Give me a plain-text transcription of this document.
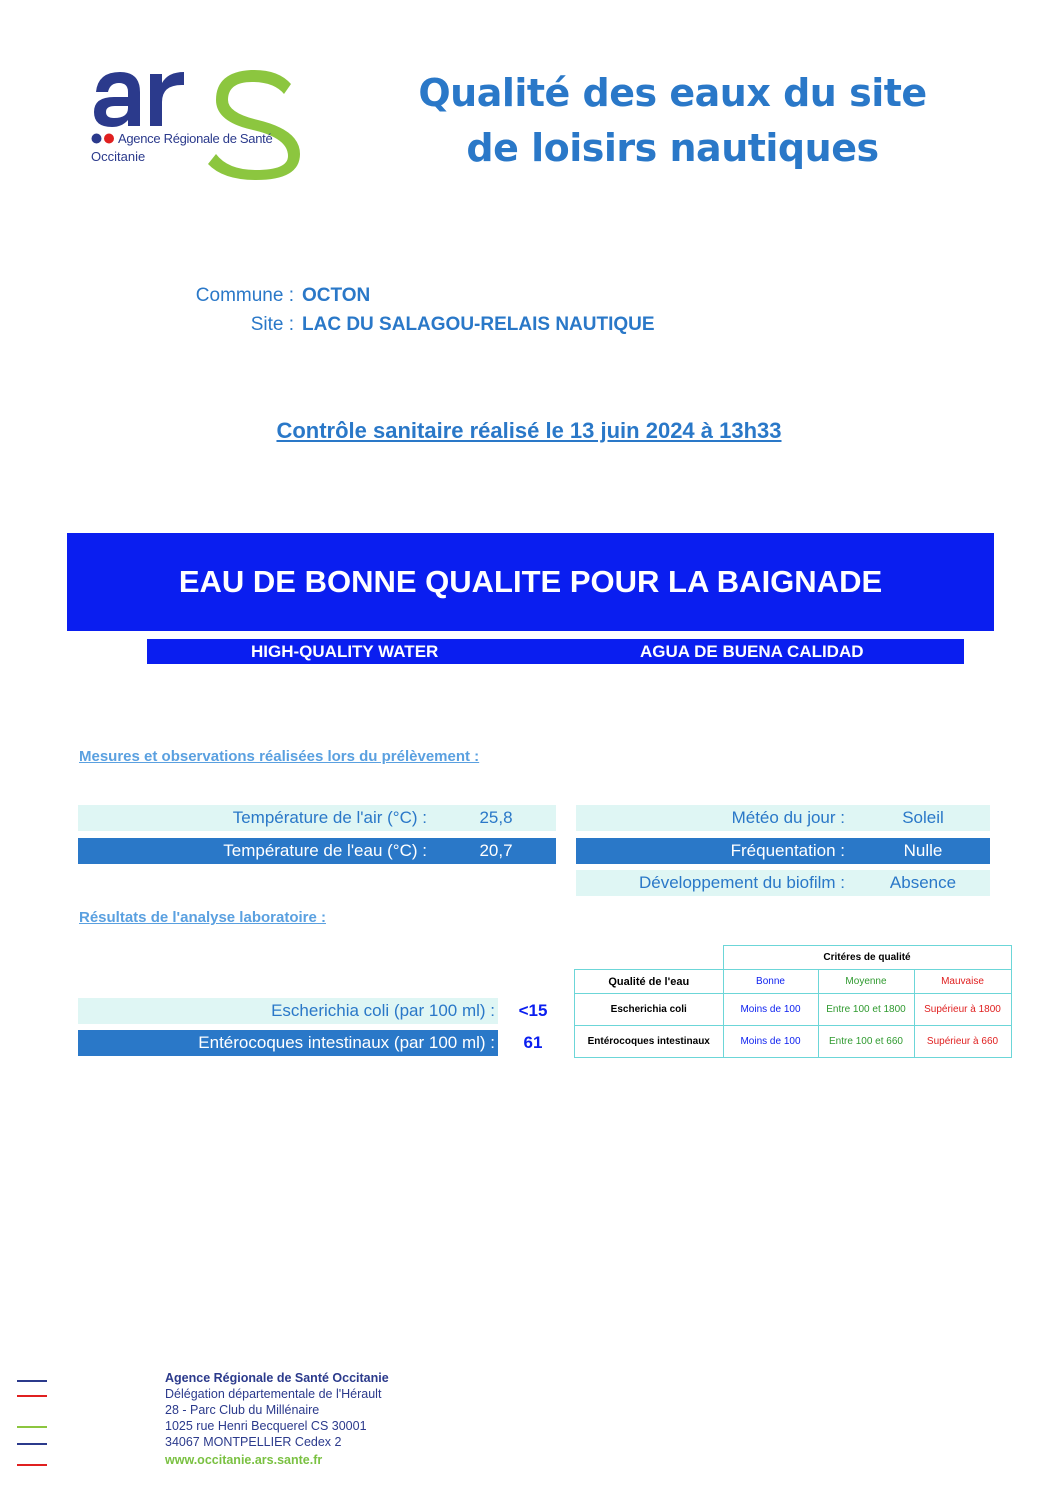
Agence Régionale de Santé
Occitanie
Qualité des eaux du site
de loisirs nautiques
Commune : OCTON
Site : LAC DU SALAGOU-RELAIS NAUTIQUE
Contrôle sanitaire réalisé le 13 juin 2024 à 13h33
EAU DE BONNE QUALITE POUR LA BAIGNADE
HIGH-QUALITY WATER	AGUA DE BUENA CALIDAD
Mesures et observations réalisées lors du prélèvement :
Température de l'air (°C) :	25,8
Température de l'eau (°C) :	20,7
Météo du jour :	Soleil
Fréquentation :	Nulle
Développement du biofilm :	Absence
Résultats de l'analyse laboratoire :
Escherichia coli (par 100 ml) :	<15
Entérocoques intestinaux (par 100 ml) :	61
	Critéres de qualité		
Qualité de l'eau	Bonne	Moyenne	Mauvaise
Escherichia coli	Moins de 100	Entre 100 et 1800	Supérieur à 1800
Entérocoques intestinaux	Moins de 100	Entre 100 et 660	Supérieur à 660
Agence Régionale de Santé Occitanie
Délégation départementale de l'Hérault
28 - Parc Club du Millénaire
1025 rue Henri Becquerel CS 30001
34067 MONTPELLIER Cedex 2
www.occitanie.ars.sante.fr
